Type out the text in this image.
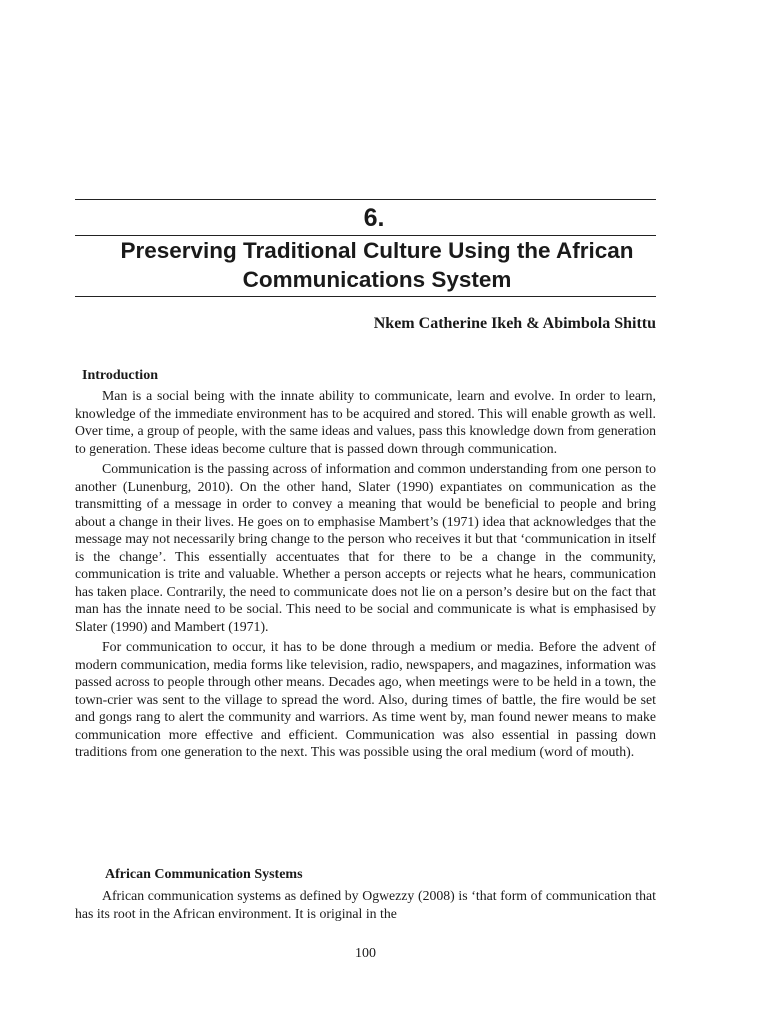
6.
Preserving Traditional Culture Using the African Communications System
Nkem Catherine Ikeh & Abimbola Shittu
Introduction

Man is a social being with the innate ability to communicate, learn and evolve. In order to learn, knowledge of the immediate environment has to be acquired and stored. This will enable growth as well. Over time, a group of people, with the same ideas and values, pass this knowledge down from generation to generation. These ideas become culture that is passed down through communication.

Communication is the passing across of information and common understanding from one person to another (Lunenburg, 2010). On the other hand, Slater (1990) expantiates on communication as the transmitting of a message in order to convey a meaning that would be beneficial to people and bring about a change in their lives. He goes on to emphasise Mambert’s (1971) idea that acknowledges that the message may not necessarily bring change to the person who receives it but that ‘communication in itself is the change’. This essentially accentuates that for there to be a change in the community, communication is trite and valuable. Whether a person accepts or rejects what he hears, communication has taken place. Contrarily, the need to communicate does not lie on a person’s desire but on the fact that man has the innate need to be social. This need to be social and communicate is what is emphasised by Slater (1990) and Mambert (1971).

For communication to occur, it has to be done through a medium or media. Before the advent of modern communication, media forms like television, radio, newspapers, and magazines, information was passed across to people through other means. Decades ago, when meetings were to be held in a town, the town-crier was sent to the village to spread the word. Also, during times of battle, the fire would be set and gongs rang to alert the community and warriors. As time went by, man found newer means to make communication more effective and efficient. Communication was also essential in passing down traditions from one generation to the next. This was possible using the oral medium (word of mouth).

African Communication Systems

African communication systems as defined by Ogwezzy (2008) is ‘that form of communication that has its root in the African environment. It is original in the

100
